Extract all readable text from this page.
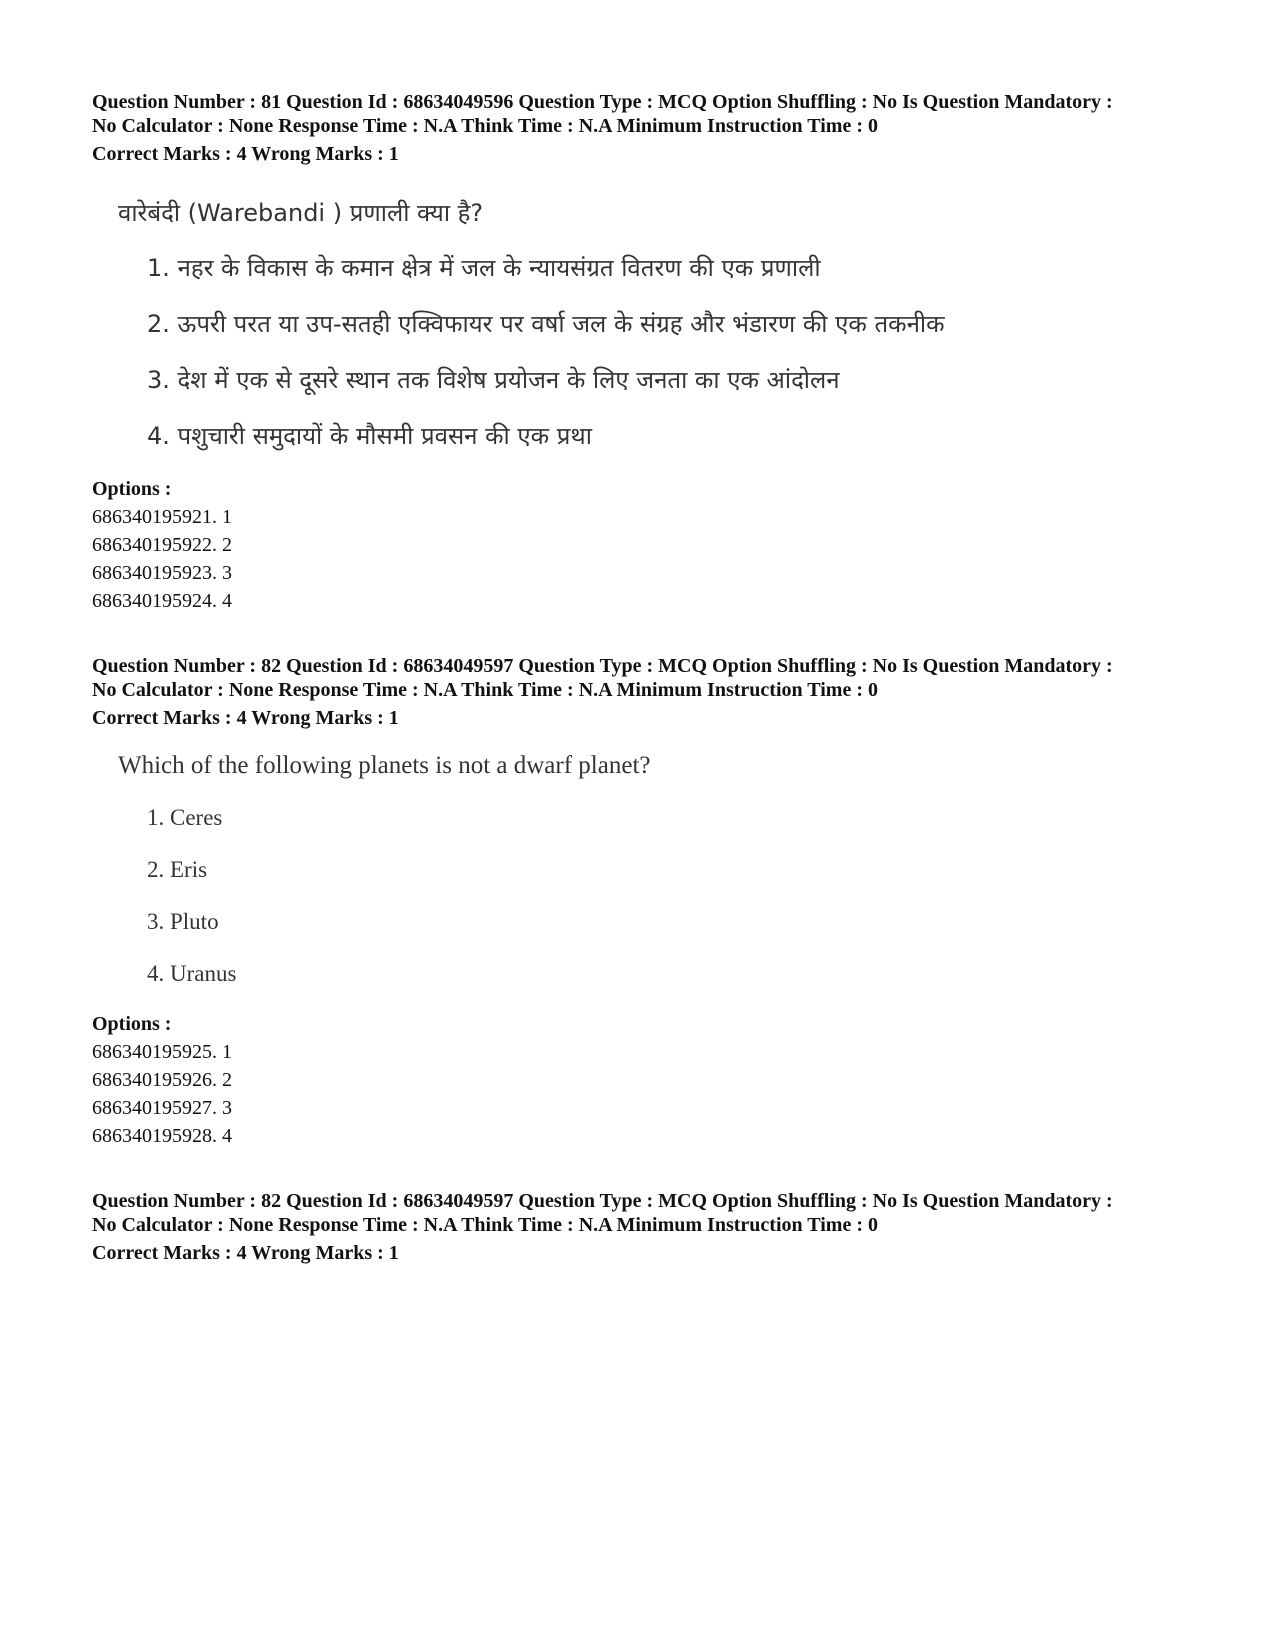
Question Number : 81 Question Id : 68634049596 Question Type : MCQ Option Shuffling : No Is Question Mandatory :
No Calculator : None Response Time : N.A Think Time : N.A Minimum Instruction Time : 0
Correct Marks : 4 Wrong Marks : 1
वारेबंदी (Warebandi ) प्रणाली क्या है?
1. नहर के विकास के कमान क्षेत्र में जल के न्यायसंग्रत वितरण की एक प्रणाली
2. ऊपरी परत या उप-सतही एक्विफायर पर वर्षा जल के संग्रह और भंडारण की एक तकनीक
3. देश में एक से दूसरे स्थान तक विशेष प्रयोजन के लिए जनता का एक आंदोलन
4. पशुचारी समुदायों के मौसमी प्रवसन की एक प्रथा
Options :
686340195921. 1
686340195922. 2
686340195923. 3
686340195924. 4
Question Number : 82 Question Id : 68634049597 Question Type : MCQ Option Shuffling : No Is Question Mandatory :
No Calculator : None Response Time : N.A Think Time : N.A Minimum Instruction Time : 0
Correct Marks : 4 Wrong Marks : 1
Which of the following planets is not a dwarf planet?
1. Ceres
2. Eris
3. Pluto
4. Uranus
Options :
686340195925. 1
686340195926. 2
686340195927. 3
686340195928. 4
Question Number : 82 Question Id : 68634049597 Question Type : MCQ Option Shuffling : No Is Question Mandatory :
No Calculator : None Response Time : N.A Think Time : N.A Minimum Instruction Time : 0
Correct Marks : 4 Wrong Marks : 1
